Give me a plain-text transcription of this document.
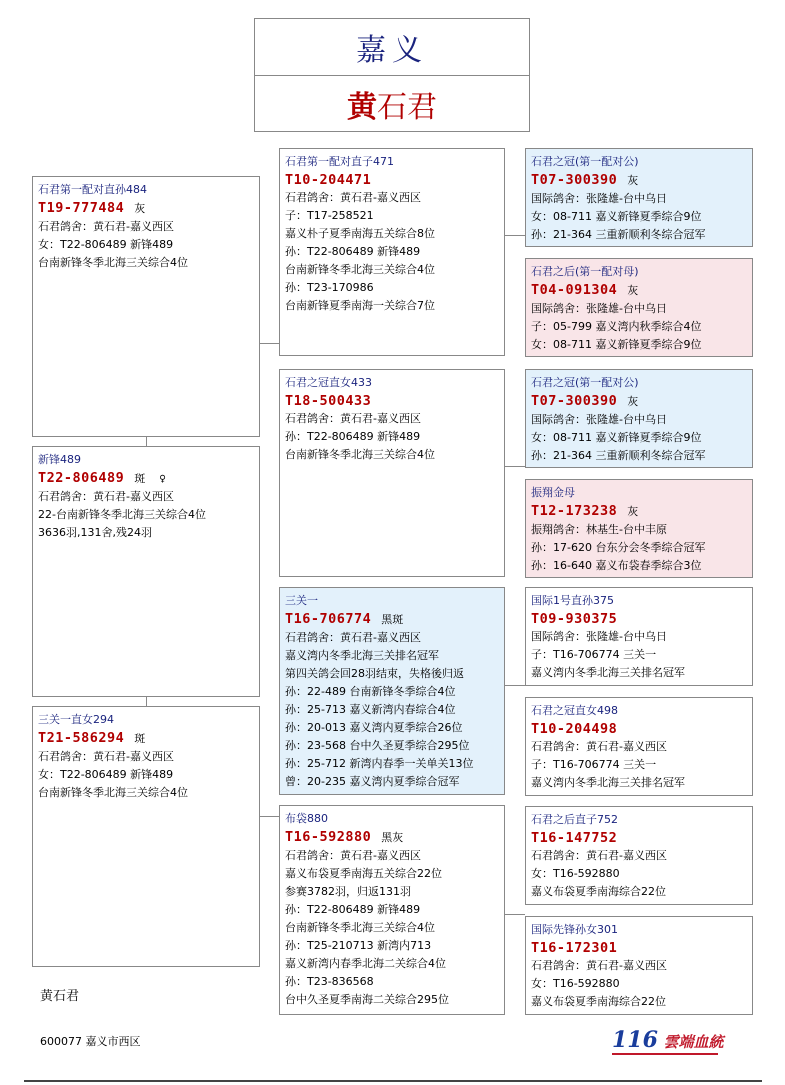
嘉义
黄 石君
石君第一配对直孙484
T19-777484 灰
石君鸽舍：黄石君-嘉义西区
女：T22-806489 新锋489
台南新锋冬季北海三关综合4位
新锋489
T22-806489 斑 ♀
石君鸽舍：黄石君-嘉义西区
22-台南新锋冬季北海三关综合4位
3636羽,131舍,残24羽
三关一直女294
T21-586294 斑
石君鸽舍：黄石君-嘉义西区
女：T22-806489 新锋489
台南新锋冬季北海三关综合4位
石君第一配对直子471
T10-204471
石君鸽舍：黄石君-嘉义西区
子：T17-258521
嘉义朴子夏季南海五关综合8位
孙：T22-806489 新锋489
台南新锋冬季北海三关综合4位
孙：T23-170986
台南新锋夏季南海一关综合7位
石君之冠直女433
T18-500433
石君鸽舍：黄石君-嘉义西区
孙：T22-806489 新锋489
台南新锋冬季北海三关综合4位
三关一
T16-706774 黑斑
石君鸽舍：黄石君-嘉义西区
嘉义湾内冬季北海三关排名冠军
第四关鸽会回28羽结束，失格後归返
孙：22-489 台南新锋冬季综合4位
孙：25-713 嘉义新湾内春综合4位
孙：20-013 嘉义湾内夏季综合26位
孙：23-568 台中久圣夏季综合295位
孙：25-712 新湾内春季一关单关13位
曾：20-235 嘉义湾内夏季综合冠军
布袋880
T16-592880 黑灰
石君鸽舍：黄石君-嘉义西区
嘉义布袋夏季南海五关综合22位
参赛3782羽，归返131羽
孙：T22-806489 新锋489
台南新锋冬季北海三关综合4位
孙：T25-210713 新湾内713
嘉义新湾内春季北海二关综合4位
孙：T23-836568
台中久圣夏季南海二关综合295位
石君之冠(第一配对公)
T07-300390 灰
国际鸽舍：张隆雄-台中乌日
女：08-711 嘉义新锋夏季综合9位
孙：21-364 三重新顺利冬综合冠军
石君之后(第一配对母)
T04-091304 灰
国际鸽舍：张隆雄-台中乌日
子：05-799 嘉义湾内秋季综合4位
女：08-711 嘉义新锋夏季综合9位
石君之冠(第一配对公)
T07-300390 灰
国际鸽舍：张隆雄-台中乌日
女：08-711 嘉义新锋夏季综合9位
孙：21-364 三重新顺利冬综合冠军
振翔金母
T12-173238 灰
振翔鸽舍：林基生-台中丰原
孙：17-620 台东分会冬季综合冠军
孙：16-640 嘉义布袋春季综合3位
国际1号直孙375
T09-930375
国际鸽舍：张隆雄-台中乌日
子：T16-706774 三关一
嘉义湾内冬季北海三关排名冠军
石君之冠直女498
T10-204498
石君鸽舍：黄石君-嘉义西区
子：T16-706774 三关一
嘉义湾内冬季北海三关排名冠军
石君之后直子752
T16-147752
石君鸽舍：黄石君-嘉义西区
女：T16-592880
嘉义布袋夏季南海综合22位
国际先锋孙女301
T16-172301
石君鸽舍：黄石君-嘉义西区
女：T16-592880
嘉义布袋夏季南海综合22位
黄石君
600077 嘉义市西区	116 雲端血統
